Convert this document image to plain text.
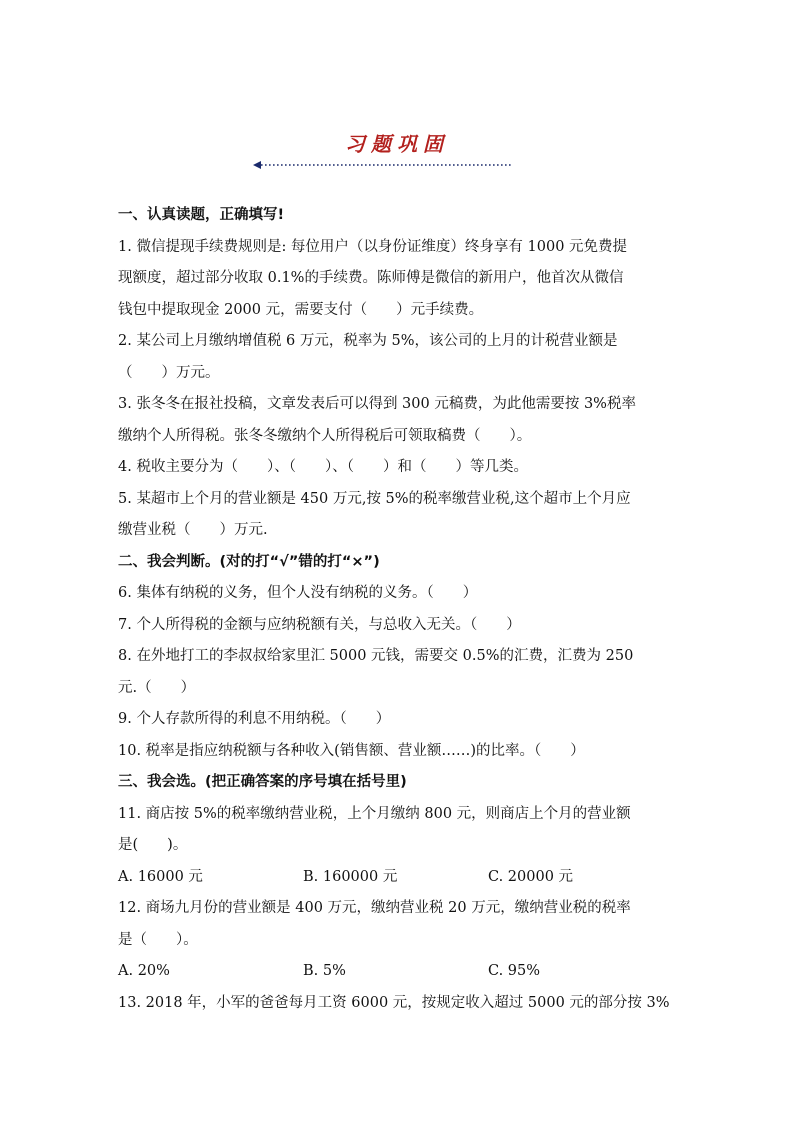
习题巩固
一、认真读题，正确填写!
1. 微信提现手续费规则是: 每位用户（以身份证维度）终身享有 1000 元免费提
现额度，超过部分收取 0.1%的手续费。陈师傅是微信的新用户，他首次从微信
钱包中提取现金 2000 元，需要支付（　　）元手续费。
2. 某公司上月缴纳增值税 6 万元，税率为 5%，该公司的上月的计税营业额是
（　　）万元。
3. 张冬冬在报社投稿，文章发表后可以得到 300 元稿费，为此他需要按 3%税率
缴纳个人所得税。张冬冬缴纳个人所得税后可领取稿费（　　）。
4. 税收主要分为（　　）、（　　）、（　　）和（　　）等几类。
5. 某超市上个月的营业额是 450 万元,按 5%的税率缴营业税,这个超市上个月应
缴营业税（　　）万元.
二、我会判断。(对的打“√”错的打“×”)
6. 集体有纳税的义务，但个人没有纳税的义务。（　　）
7. 个人所得税的金额与应纳税额有关，与总收入无关。（　　）
8. 在外地打工的李叔叔给家里汇 5000 元钱，需要交 0.5%的汇费，汇费为 250
元.（　　）
9. 个人存款所得的利息不用纳税。（　　）
10. 税率是指应纳税额与各种收入(销售额、营业额……)的比率。（　　）
三、我会选。(把正确答案的序号填在括号里)
11. 商店按 5%的税率缴纳营业税，上个月缴纳 800 元，则商店上个月的营业额
是(　　)。
A. 16000 元	B. 160000 元	C. 20000 元
12. 商场九月份的营业额是 400 万元，缴纳营业税 20 万元，缴纳营业税的税率
是（　　）。
A. 20%	B. 5%	C. 95%
13. 2018 年，小军的爸爸每月工资 6000 元，按规定收入超过 5000 元的部分按 3%
